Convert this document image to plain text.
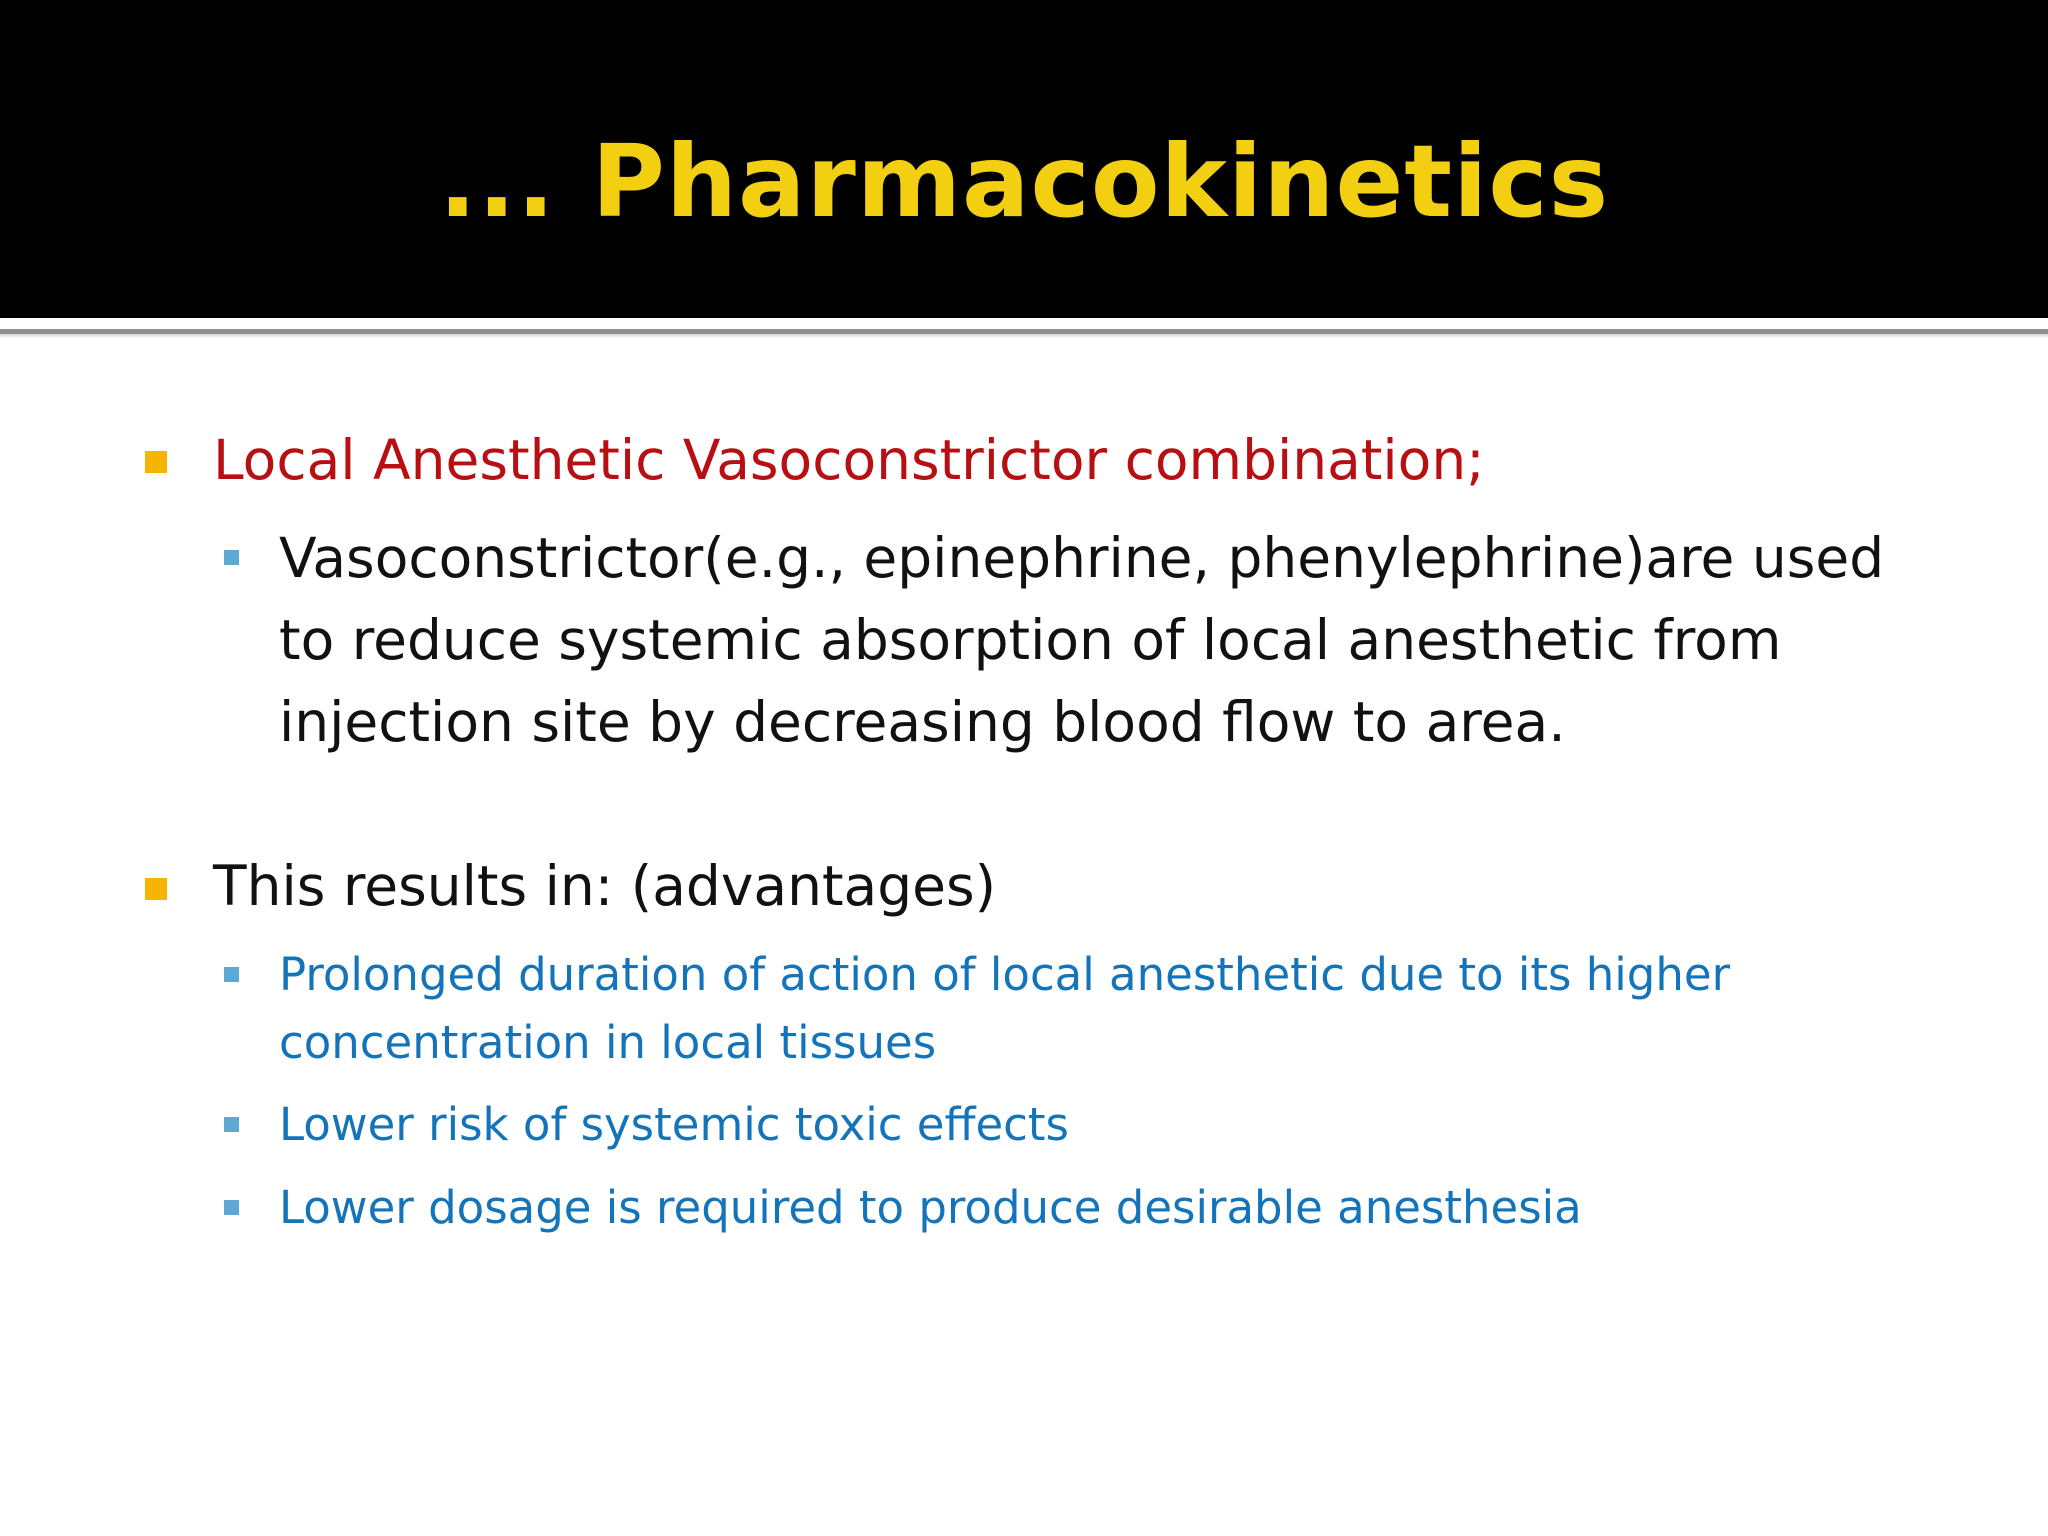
... Pharmacokinetics
Local Anesthetic Vasoconstrictor combination;
Vasoconstrictor(e.g., epinephrine, phenylephrine)are used
to reduce systemic absorption of local anesthetic from
injection site by decreasing blood flow to area.
This results in: (advantages)
Prolonged duration of action of local anesthetic due to its higher
concentration in local tissues
Lower risk of systemic toxic effects
Lower dosage is required to produce desirable anesthesia
